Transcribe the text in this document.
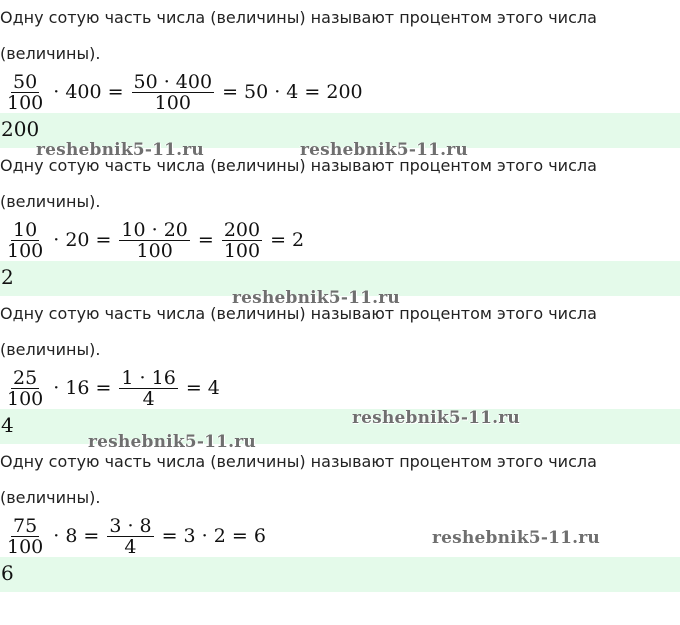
Одну сотую часть числа (величины) называют процентом этого числа
(величины).
$\frac{50}{100} \cdot 400 = \frac{50 \cdot 400}{100} = 50 \cdot 4 = 200$
200
Одну сотую часть числа (величины) называют процентом этого числа
(величины).
$\frac{10}{100} \cdot 20 = \frac{10 \cdot 20}{100} = \frac{200}{100} = 2$
2
Одну сотую часть числа (величины) называют процентом этого числа
(величины).
$\frac{25}{100} \cdot 16 = \frac{1 \cdot 16}{4} = 4$
4
Одну сотую часть числа (величины) называют процентом этого числа
(величины).
$\frac{75}{100} \cdot 8 = \frac{3 \cdot 8}{4} = 3 \cdot 2 = 6$
6
reshebnik5-11.ru	reshebnik5-11.ru
reshebnik5-11.ru
reshebnik5-11.ru
reshebnik5-11.ru
reshebnik5-11.ru
